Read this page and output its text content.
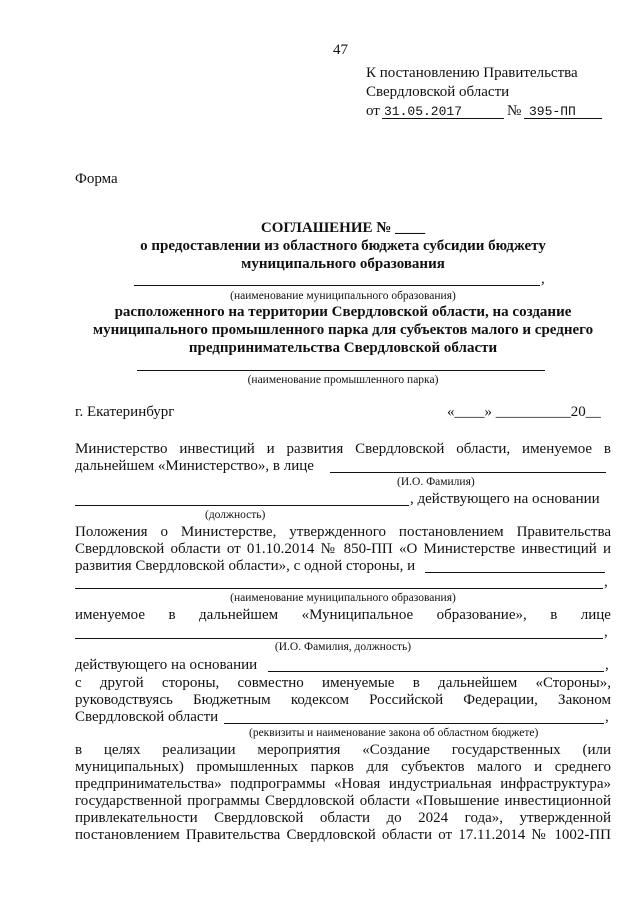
47
К постановлению Правительства
Свердловской области
от 31.05.2017	№ 395-ПП
Форма
СОГЛАШЕНИЕ № ____
о предоставлении из областного бюджета субсидии бюджету
муниципального образования
,
(наименование муниципального образования)
расположенного на территории Свердловской области, на создание
муниципального промышленного парка для субъектов малого и среднего
предпринимательства Свердловской области
(наименование промышленного парка)
г. Екатеринбург	«____» __________20__
Министерство инвестиций и развития Свердловской области, именуемое в
дальнейшем «Министерство», в лице
(И.О. Фамилия)
, действующего на основании
(должность)
Положения о Министерстве, утвержденного постановлением Правительства
Свердловской области от 01.10.2014 № 850-ПП «О Министерстве инвестиций и
развития Свердловской области», с одной стороны, и
,
(наименование муниципального образования)
именуемое в дальнейшем «Муниципальное образование», в лице
,
(И.О. Фамилия, должность)
действующего на основании	,
с другой стороны, совместно именуемые в дальнейшем «Стороны»,
руководствуясь Бюджетным кодексом Российской Федерации, Законом
Свердловской области	,
(реквизиты и наименование закона об областном бюджете)
в целях реализации мероприятия «Создание государственных (или
муниципальных) промышленных парков для субъектов малого и среднего
предпринимательства» подпрограммы «Новая индустриальная инфраструктура»
государственной программы Свердловской области «Повышение инвестиционной
привлекательности Свердловской области до 2024 года», утвержденной
постановлением Правительства Свердловской области от 17.11.2014 № 1002-ПП
